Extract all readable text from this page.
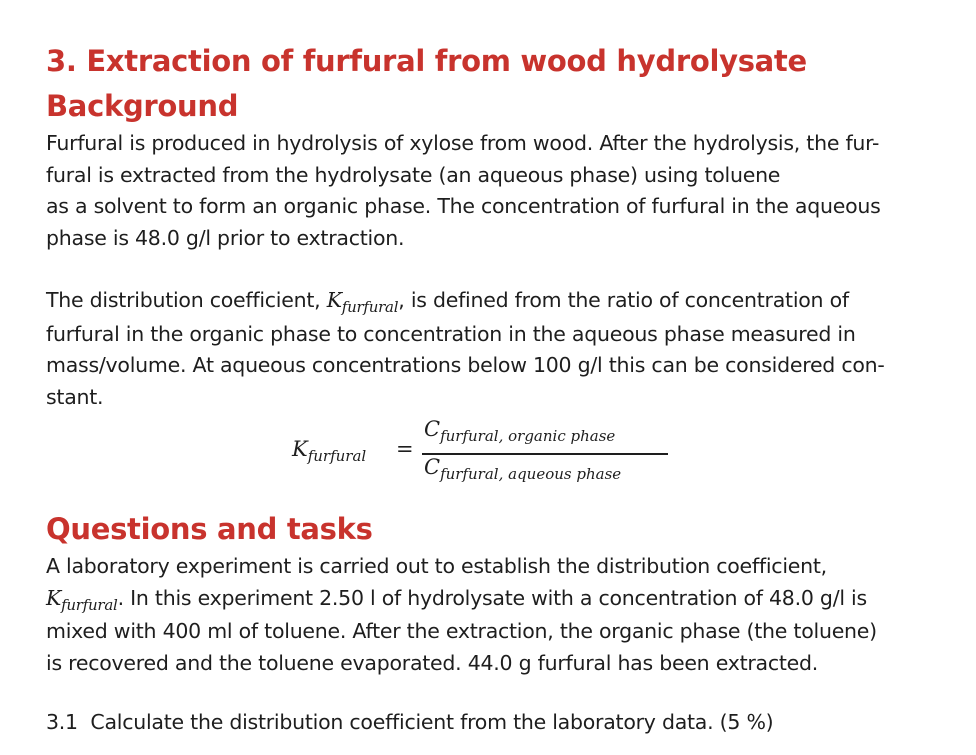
3. Extraction of furfural from wood hydrolysate
Background

Furfural is produced in hydrolysis of xylose from wood. After the hydrolysis, the fur-
fural is extracted from the hydrolysate (an aqueous phase) using toluene
as a solvent to form an organic phase. The concentration of furfural in the aqueous
phase is 48.0 g/l prior to extraction.

The distribution coefficient, $K_{furfural}$, is defined from the ratio of concentration of
furfural in the organic phase to concentration in the aqueous phase measured in
mass/volume. At aqueous concentrations below 100 g/l this can be considered con-
stant.

$K_{furfural}$ =
$C_{furfural, organic phase}$
$C_{furfural, aqueous phase}$
Questions and tasks

A laboratory experiment is carried out to establish the distribution coefficient,
$K_{furfural}$. In this experiment 2.50 l of hydrolysate with a concentration of 48.0 g/l is
mixed with 400 ml of toluene. After the extraction, the organic phase (the toluene)
is recovered and the toluene evaporated. 44.0 g furfural has been extracted.

3.1 Calculate the distribution coefficient from the laboratory data. (5 %)
